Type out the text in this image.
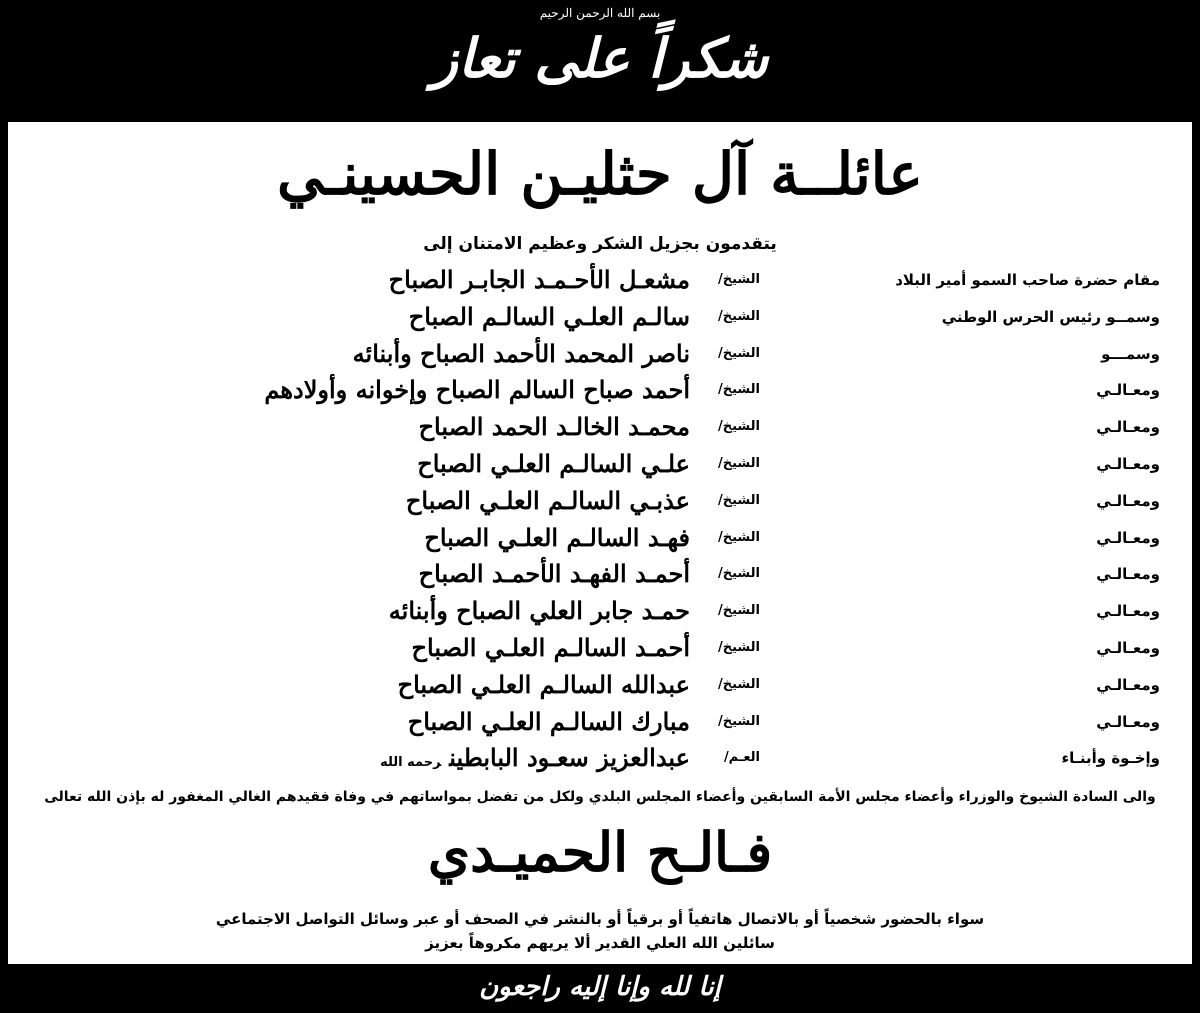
بسم الله الرحمن الرحيم
شكراً على تعاز
عائلــة آل حثليـن الحسينـي
يتقدمون بجزيل الشكر وعظيم الامتنان إلى
مقام حضرة صاحب السمو أمير البلاد
الشيخ/
مشعـل الأحـمـد الجابـر الصباح
وسمــو رئيس الحرس الوطني
الشيخ/
سالـم العلـي السالـم الصباح
وسمـــو
الشيخ/
ناصر المحمد الأحمد الصباح وأبنائه
ومعـالـي
الشيخ/
أحمد صباح السالم الصباح وإخوانه وأولادهم
ومعـالـي
الشيخ/
محمـد الخالـد الحمد الصباح
ومعـالـي
الشيخ/
علـي السالـم العلـي الصباح
ومعـالـي
الشيخ/
عذبـي السالـم العلـي الصباح
ومعـالـي
الشيخ/
فهـد السالـم العلـي الصباح
ومعـالـي
الشيخ/
أحمـد الفهـد الأحمـد الصباح
ومعـالـي
الشيخ/
حمـد جابر العلي الصباح وأبنائه
ومعـالـي
الشيخ/
أحمـد السالـم العلـي الصباح
ومعـالـي
الشيخ/
عبدالله السالـم العلـي الصباح
ومعـالـي
الشيخ/
مبارك السالـم العلـي الصباح
وإخـوة وأبنـاء
العـم/
عبدالعزيز سعـود البابطينرحمه الله
والى السادة الشيوخ والوزراء وأعضاء مجلس الأمة السابقين وأعضاء المجلس البلدي ولكل من تفضل بمواساتهم في وفاة فقيدهم الغالي المغفور له بإذن الله تعالى
فـالـح الحميـدي
سواء بالحضور شخصياً أو بالاتصال هاتفياً أو برقياً أو بالنشر في الصحف أو عبر وسائل التواصل الاجتماعي
سائلين الله العلي القدير ألا يريهم مكروهاً بعزيز
إنا لله وإنا إليه راجعون
